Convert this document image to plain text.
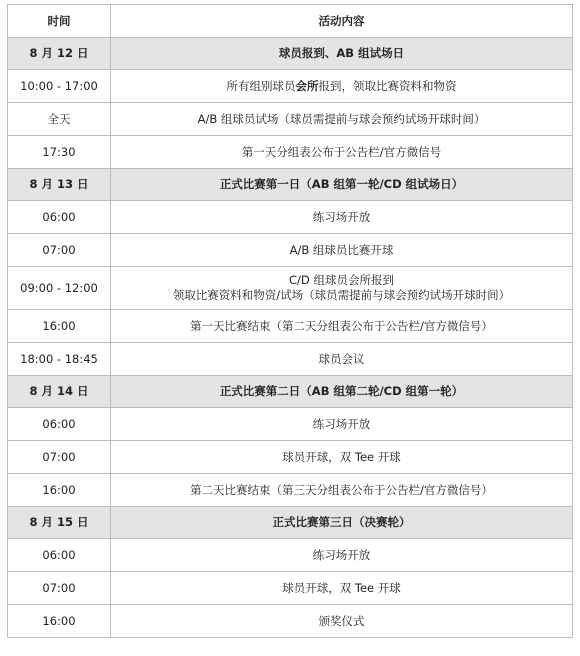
时间	活动内容
8 月 12 日	球员报到、AB 组试场日
10:00 - 17:00	所有组别球员会所报到，领取比赛资料和物资

全天	A/B 组球员试场（球员需提前与球会预约试场开球时间）

17:30	第一天分组表公布于公告栏/官方微信号

8 月 13 日	正式比赛第一日（AB 组第一轮/CD 组试场日）
06:00	练习场开放

07:00	A/B 组球员比赛开球

09:00 - 12:00	C/D 组球员会所报到
领取比赛资料和物资/试场（球员需提前与球会预约试场开球时间）

16:00	第一天比赛结束（第二天分组表公布于公告栏/官方微信号）

18:00 - 18:45	球员会议

8 月 14 日	正式比赛第二日（AB 组第二轮/CD 组第一轮）
06:00	练习场开放

07:00	球员开球，双 Tee 开球

16:00	第二天比赛结束（第三天分组表公布于公告栏/官方微信号）

8 月 15 日	正式比赛第三日（决赛轮）
06:00	练习场开放

07:00	球员开球，双 Tee 开球

16:00	颁奖仪式
